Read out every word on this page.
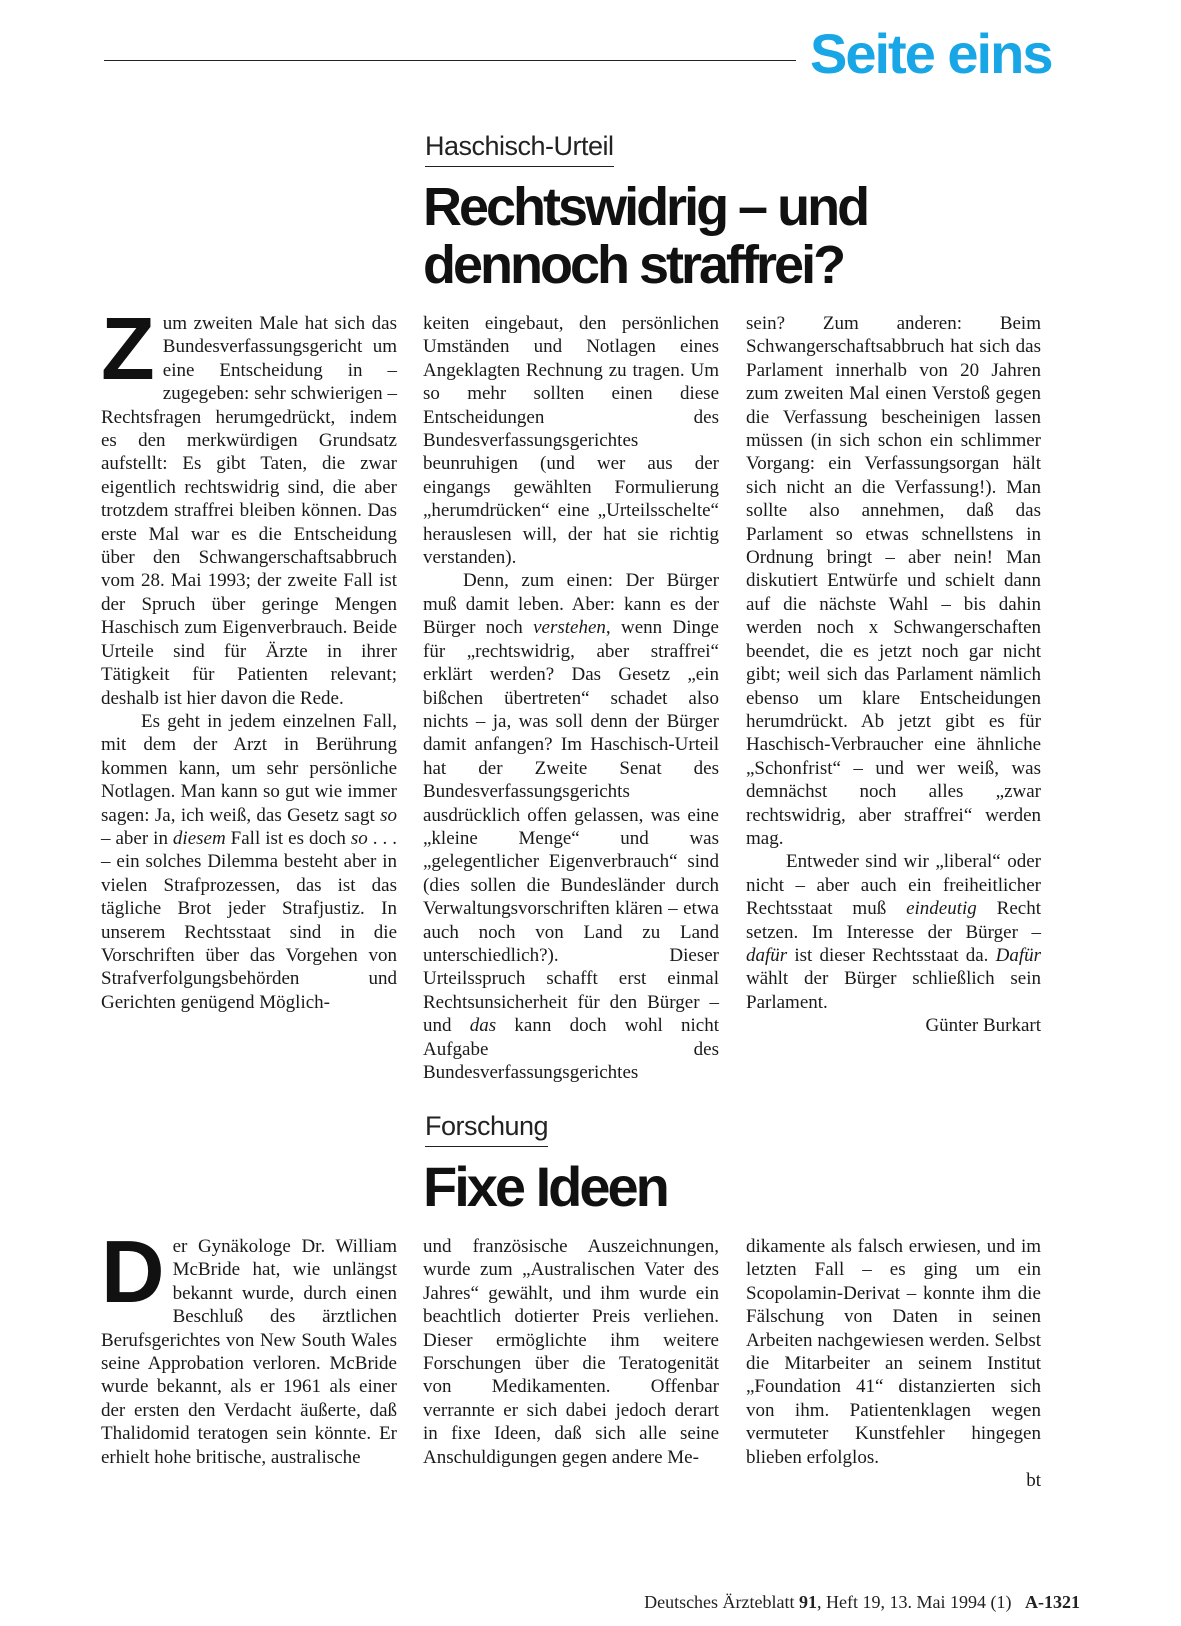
Seite eins
Haschisch-Urteil
Rechtswidrig – und
dennoch straffrei?

Z um zweiten Male hat sich das Bundesverfassungsgericht um eine Entscheidung in – zugegeben: sehr schwierigen – Rechtsfragen herumgedrückt, indem es den merkwürdigen Grundsatz aufstellt: Es gibt Taten, die zwar eigentlich rechtswidrig sind, die aber trotzdem straffrei bleiben können. Das erste Mal war es die Entscheidung über den Schwangerschaftsabbruch vom 28. Mai 1993; der zweite Fall ist der Spruch über geringe Mengen Haschisch zum Eigenverbrauch. Beide Urteile sind für Ärzte in ihrer Tätigkeit für Patienten relevant; deshalb ist hier davon die Rede.

Es geht in jedem einzelnen Fall, mit dem der Arzt in Berührung kommen kann, um sehr persönliche Notlagen. Man kann so gut wie immer sagen: Ja, ich weiß, das Gesetz sagt so – aber in diesem Fall ist es doch so . . . – ein solches Dilemma besteht aber in vielen Strafprozessen, das ist das tägliche Brot jeder Strafjustiz. In unserem Rechtsstaat sind in die Vorschriften über das Vorgehen von Strafverfolgungsbehörden und Gerichten genügend Möglich-

keiten eingebaut, den persönlichen Umständen und Notlagen eines Angeklagten Rechnung zu tragen. Um so mehr sollten einen diese Entscheidungen des Bundesverfassungsgerichtes beunruhigen (und wer aus der eingangs gewählten Formulierung „herumdrücken“ eine „Urteilsschelte“ herauslesen will, der hat sie richtig verstanden).

Denn, zum einen: Der Bürger muß damit leben. Aber: kann es der Bürger noch verstehen, wenn Dinge für „rechtswidrig, aber straffrei“ erklärt werden? Das Gesetz „ein bißchen übertreten“ schadet also nichts – ja, was soll denn der Bürger damit anfangen? Im Haschisch-Urteil hat der Zweite Senat des Bundesverfassungsgerichts ausdrücklich offen gelassen, was eine „kleine Menge“ und was „gelegentlicher Eigenverbrauch“ sind (dies sollen die Bundesländer durch Verwaltungsvorschriften klären – etwa auch noch von Land zu Land unterschiedlich?). Dieser Urteilsspruch schafft erst einmal Rechtsunsicherheit für den Bürger – und das kann doch wohl nicht Aufgabe des Bundesverfassungsgerichtes

sein? Zum anderen: Beim Schwangerschaftsabbruch hat sich das Parlament innerhalb von 20 Jahren zum zweiten Mal einen Verstoß gegen die Verfassung bescheinigen lassen müssen (in sich schon ein schlimmer Vorgang: ein Verfassungsorgan hält sich nicht an die Verfassung!). Man sollte also annehmen, daß das Parlament so etwas schnellstens in Ordnung bringt – aber nein! Man diskutiert Entwürfe und schielt dann auf die nächste Wahl – bis dahin werden noch x Schwangerschaften beendet, die es jetzt noch gar nicht gibt; weil sich das Parlament nämlich ebenso um klare Entscheidungen herumdrückt. Ab jetzt gibt es für Haschisch-Verbraucher eine ähnliche „Schonfrist“ – und wer weiß, was demnächst noch alles „zwar rechtswidrig, aber straffrei“ werden mag.

Entweder sind wir „liberal“ oder nicht – aber auch ein freiheitlicher Rechtsstaat muß eindeutig Recht setzen. Im Interesse der Bürger – dafür ist dieser Rechtsstaat da. Dafür wählt der Bürger schließlich sein Parlament.

Günter Burkart

Forschung
Fixe Ideen

D er Gynäkologe Dr. William McBride hat, wie unlängst bekannt wurde, durch einen Beschluß des ärztlichen Berufsgerichtes von New South Wales seine Approbation verloren. McBride wurde bekannt, als er 1961 als einer der ersten den Verdacht äußerte, daß Thalidomid teratogen sein könnte. Er erhielt hohe britische, australische

und französische Auszeichnungen, wurde zum „Australischen Vater des Jahres“ gewählt, und ihm wurde ein beachtlich dotierter Preis verliehen. Dieser ermöglichte ihm weitere Forschungen über die Teratogenität von Medikamenten. Offenbar verrannte er sich dabei jedoch derart in fixe Ideen, daß sich alle seine Anschuldigungen gegen andere Me-

dikamente als falsch erwiesen, und im letzten Fall – es ging um ein Scopolamin-Derivat – konnte ihm die Fälschung von Daten in seinen Arbeiten nachgewiesen werden. Selbst die Mitarbeiter an seinem Institut „Foundation 41“ distanzierten sich von ihm. Patientenklagen wegen vermuteter Kunstfehler hingegen blieben erfolglos.

bt

Deutsches Ärzteblatt 91, Heft 19, 13. Mai 1994 (1) A-1321
